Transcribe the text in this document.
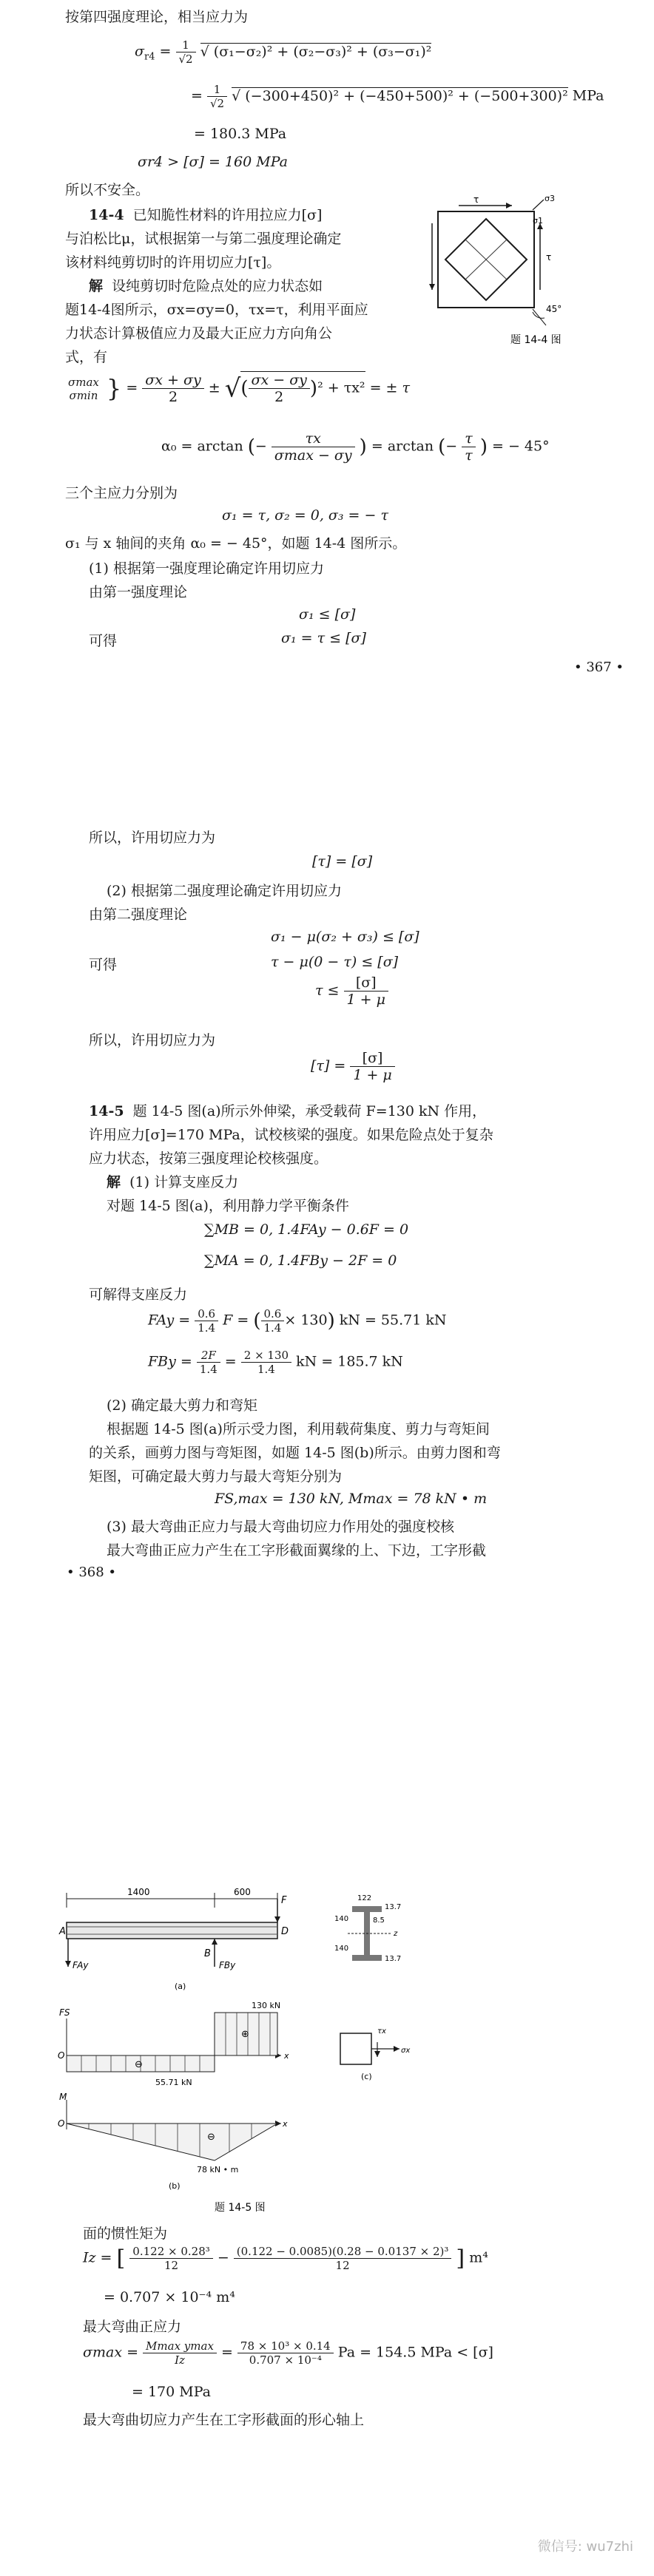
按第四强度理论，相当应力为
$\sigma_{r4} = \frac{1}{√2}$ √ (σ₁−σ₂)² + (σ₂−σ₃)² + (σ₃−σ₁)²
= $\frac{1}{√2}$ √ (−300+450)² + (−450+500)² + (−500+300)² MPa
= 180.3 MPa
σr4 > [σ] = 160 MPa
所以不安全。
14-4 已知脆性材料的许用拉应力[σ]
与泊松比μ，试根据第一与第二强度理论确定
该材料纯剪切时的许用切应力[τ]。
解 设纯剪切时危险点处的应力状态如
题14-4图所示，σx=σy=0，τx=τ，利用平面应
力状态计算极值应力及最大正应力方向角公
式，有
τ
τ
σ3
σ1
45°
题 14-4 图
σmax
σmin } = $\frac{\sigma x + \sigma y}{2}$ ± √( $\frac{\sigma x - \sigma y}{2} )^2 + \tau x^2$ = ± τ
α₀ = arctan (− $\frac{\tau x}{\sigma\max - \sigma y}$ ) = arctan (− $\frac{\tau}{\tau}$ ) = − 45°
三个主应力分别为
σ₁ = τ, σ₂ = 0, σ₃ = − τ
σ₁ 与 x 轴间的夹角 α₀ = − 45°，如题 14-4 图所示。
(1) 根据第一强度理论确定许用切应力
由第一强度理论
σ₁ ≤ [σ]
可得	σ₁ = τ ≤ [σ]
• 367 •
所以，许用切应力为
[τ] = [σ]
(2) 根据第二强度理论确定许用切应力
由第二强度理论
σ₁ − μ(σ₂ + σ₃) ≤ [σ]
可得	τ − μ(0 − τ) ≤ [σ]
$\tau \le \frac{[\sigma]}{1 + \mu}$
所以，许用切应力为
$[\tau] = \frac{[\sigma]}{1 + \mu}$
14-5 题 14-5 图(a)所示外伸梁，承受载荷 F=130 kN 作用，
许用应力[σ]=170 MPa，试校核梁的强度。如果危险点处于复杂
应力状态，按第三强度理论校核强度。
解 (1) 计算支座反力
对题 14-5 图(a)，利用静力学平衡条件
∑MB = 0, 1.4FAy − 0.6F = 0
∑MA = 0, 1.4FBy − 2F = 0
可解得支座反力
FAy = $\frac{0.6}{1.4}$ F = ( $\frac{0.6}{1.4} \times 130$) kN = 55.71 kN
FBy = $\frac{2F}{1.4} = \frac{2 \times 130}{1.4}$ kN = 185.7 kN
(2) 确定最大剪力和弯矩
根据题 14-5 图(a)所示受力图，利用载荷集度、剪力与弯矩间
的关系，画剪力图与弯矩图，如题 14-5 图(b)所示。由剪力图和弯
矩图，可确定最大剪力与最大弯矩分别为
FS,max = 130 kN, Mmax = 78 kN • m
(3) 最大弯曲正应力与最大弯曲切应力作用处的强度校核
最大弯曲正应力产生在工字形截面翼缘的上、下边，工字形截
• 368 •
1400	600
F
A	D
FAy
B
FBy
(a)
122
13.7
8.5
140
140
13.7
z
FS
O
⊖
⊕
130 kN
55.71 kN
x
τx
σx
(c)
M
O
⊖
x
78 kN • m
(b)
题 14-5 图
面的惯性矩为
Iz = [ $\frac{\text{0.122 × 0.28³}}{12} - \frac{\text{(0.122 − 0.0085)(0.28 − 0.0137 × 2)³}}{12}$ ] m⁴
= 0.707 × 10⁻⁴ m⁴
最大弯曲正应力
$\sigma\max = \frac{\text{Mmax ymax}}{Iz} = \frac{\text{78 × 10³ × 0.14}}{\text{0.707 × 10⁻⁴}}$ Pa = 154.5 MPa < [σ]
= 170 MPa
最大弯曲切应力产生在工字形截面的形心轴上
微信号: wu7zhi
